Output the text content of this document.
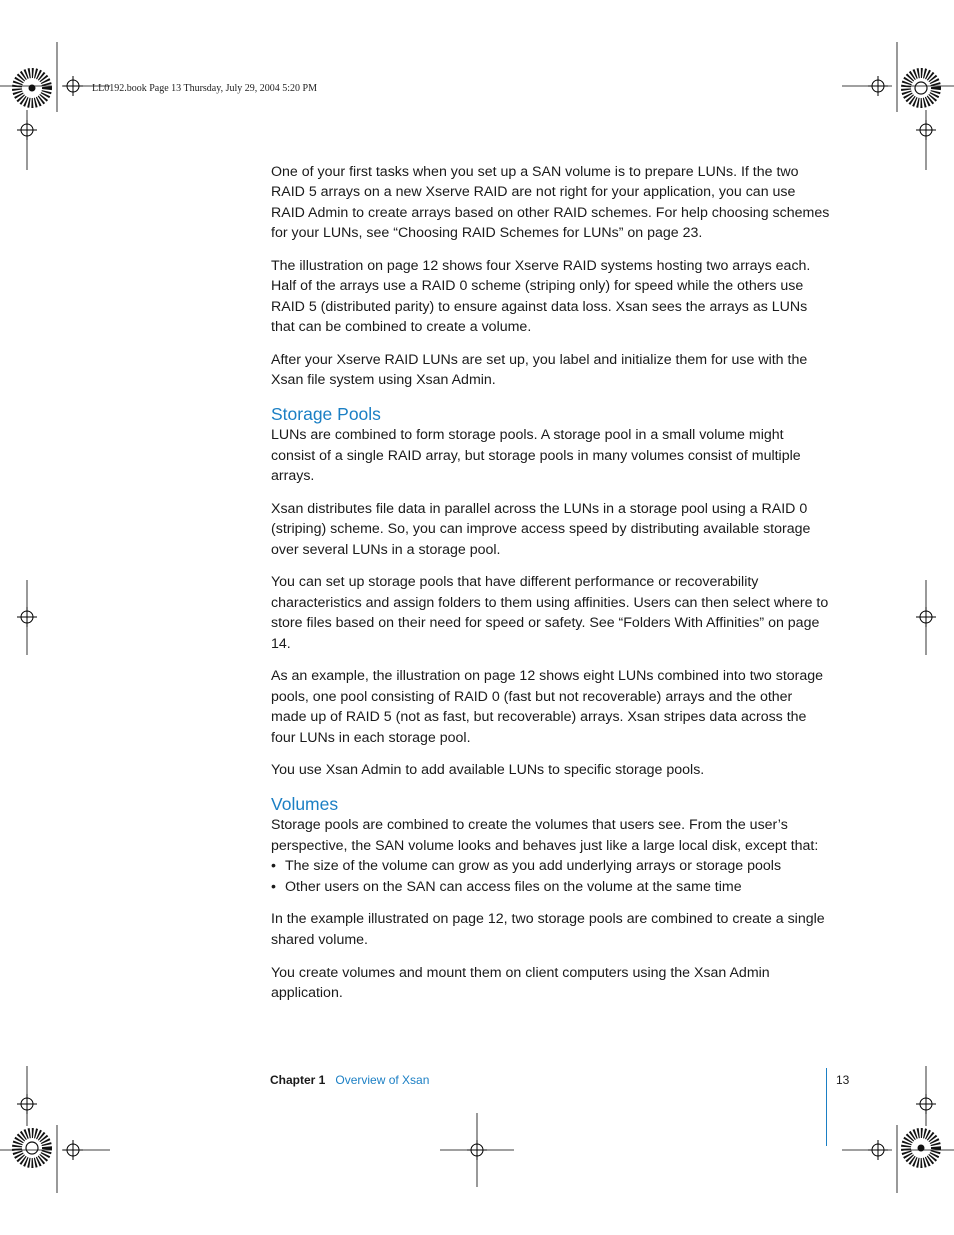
LL0192.book Page 13 Thursday, July 29, 2004 5:20 PM

One of your first tasks when you set up a SAN volume is to prepare LUNs. If the two RAID 5 arrays on a new Xserve RAID are not right for your application, you can use RAID Admin to create arrays based on other RAID schemes. For help choosing schemes for your LUNs, see “Choosing RAID Schemes for LUNs” on page 23.

The illustration on page 12 shows four Xserve RAID systems hosting two arrays each. Half of the arrays use a RAID 0 scheme (striping only) for speed while the others use RAID 5 (distributed parity) to ensure against data loss. Xsan sees the arrays as LUNs that can be combined to create a volume.

After your Xserve RAID LUNs are set up, you label and initialize them for use with the Xsan file system using Xsan Admin.

Storage Pools

LUNs are combined to form storage pools. A storage pool in a small volume might consist of a single RAID array, but storage pools in many volumes consist of multiple arrays.

Xsan distributes file data in parallel across the LUNs in a storage pool using a RAID 0 (striping) scheme. So, you can improve access speed by distributing available storage over several LUNs in a storage pool.

You can set up storage pools that have different performance or recoverability characteristics and assign folders to them using affinities. Users can then select where to store files based on their need for speed or safety. See “Folders With Affinities” on page 14.

As an example, the illustration on page 12 shows eight LUNs combined into two storage pools, one pool consisting of RAID 0 (fast but not recoverable) arrays and the other made up of RAID 5 (not as fast, but recoverable) arrays. Xsan stripes data across the four LUNs in each storage pool.

You use Xsan Admin to add available LUNs to specific storage pools.

Volumes

Storage pools are combined to create the volumes that users see. From the user’s perspective, the SAN volume looks and behaves just like a large local disk, except that:

• The size of the volume can grow as you add underlying arrays or storage pools
• Other users on the SAN can access files on the volume at the same time

In the example illustrated on page 12, two storage pools are combined to create a single shared volume.

You create volumes and mount them on client computers using the Xsan Admin application.

Chapter 1 Overview of Xsan	13
